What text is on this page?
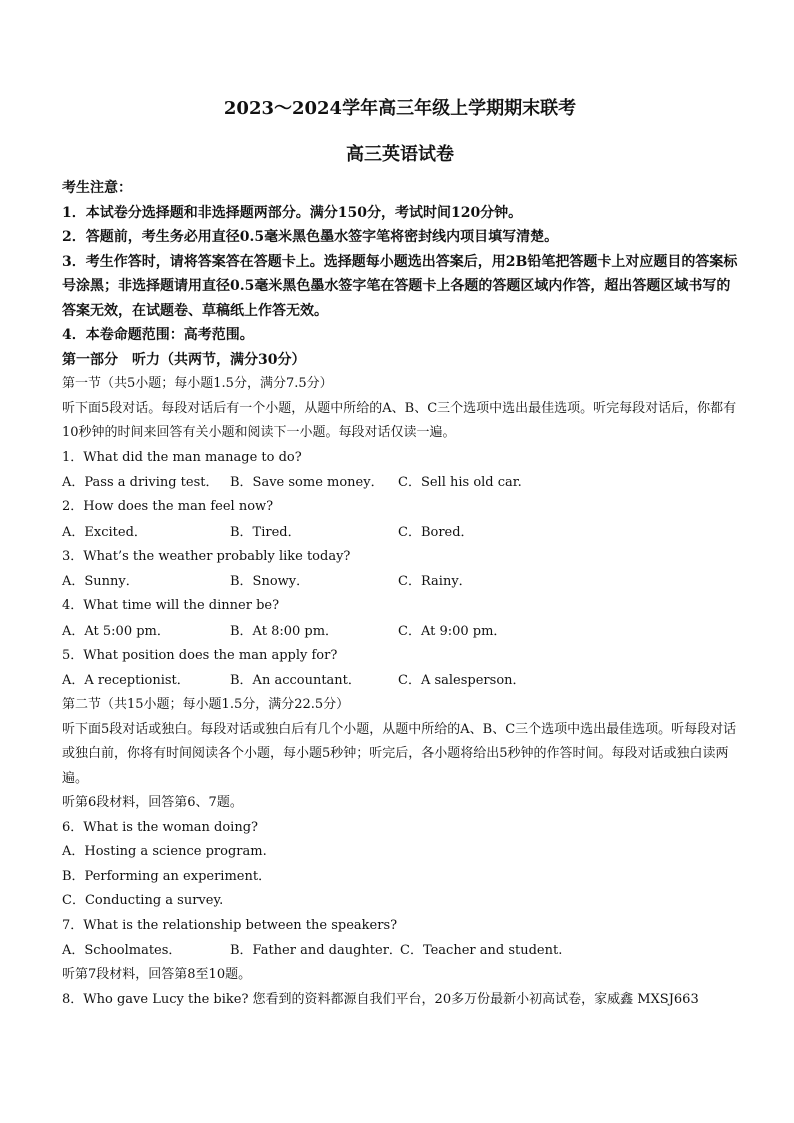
2023～2024学年高三年级上学期期末联考
高三英语试卷

考生注意：

1．本试卷分选择题和非选择题两部分。满分150分，考试时间120分钟。

2．答题前，考生务必用直径0.5毫米黑色墨水签字笔将密封线内项目填写清楚。

3．考生作答时，请将答案答在答题卡上。选择题每小题选出答案后，用2B铅笔把答题卡上对应题目的答案标号涂黑；非选择题请用直径0.5毫米黑色墨水签字笔在答题卡上各题的答题区域内作答，超出答题区域书写的答案无效，在试题卷、草稿纸上作答无效。

4．本卷命题范围：高考范围。

第一部分　听力（共两节，满分30分）

第一节（共5小题；每小题1.5分，满分7.5分）

听下面5段对话。每段对话后有一个小题，从题中所给的A、B、C三个选项中选出最佳选项。听完每段对话后，你都有10秒钟的时间来回答有关小题和阅读下一小题。每段对话仅读一遍。

1．What did the man manage to do?

A．Pass a driving test． B．Save some money．	C．Sell his old car.

2．How does the man feel now?

A．Excited．	B．Tired．	C．Bored．

3．What’s the weather probably like today?

A．Sunny．	B．Snowy．	C．Rainy．

4．What time will the dinner be?

A．At 5:00 pm．	B．At 8:00 pm．	C．At 9:00 pm．

5．What position does the man apply for?

A．A receptionist．	B．An accountant．	C．A salesperson．

第二节（共15小题；每小题1.5分，满分22.5分）

听下面5段对话或独白。每段对话或独白后有几个小题，从题中所给的A、B、C三个选项中选出最佳选项。听每段对话或独白前，你将有时间阅读各个小题，每小题5秒钟；听完后，各小题将给出5秒钟的作答时间。每段对话或独白读两遍。

听第6段材料，回答第6、7题。

6．What is the woman doing?

A．Hosting a science program.

B．Performing an experiment．

C．Conducting a survey.

7．What is the relationship between the speakers?

A．Schoolmates．	B．Father and daughter．
C．Teacher and student.

听第7段材料，回答第8至10题。

8．Who gave Lucy the bike? 您看到的资料都源自我们平台，20多万份最新小初高试卷，家威鑫 MXSJ663
